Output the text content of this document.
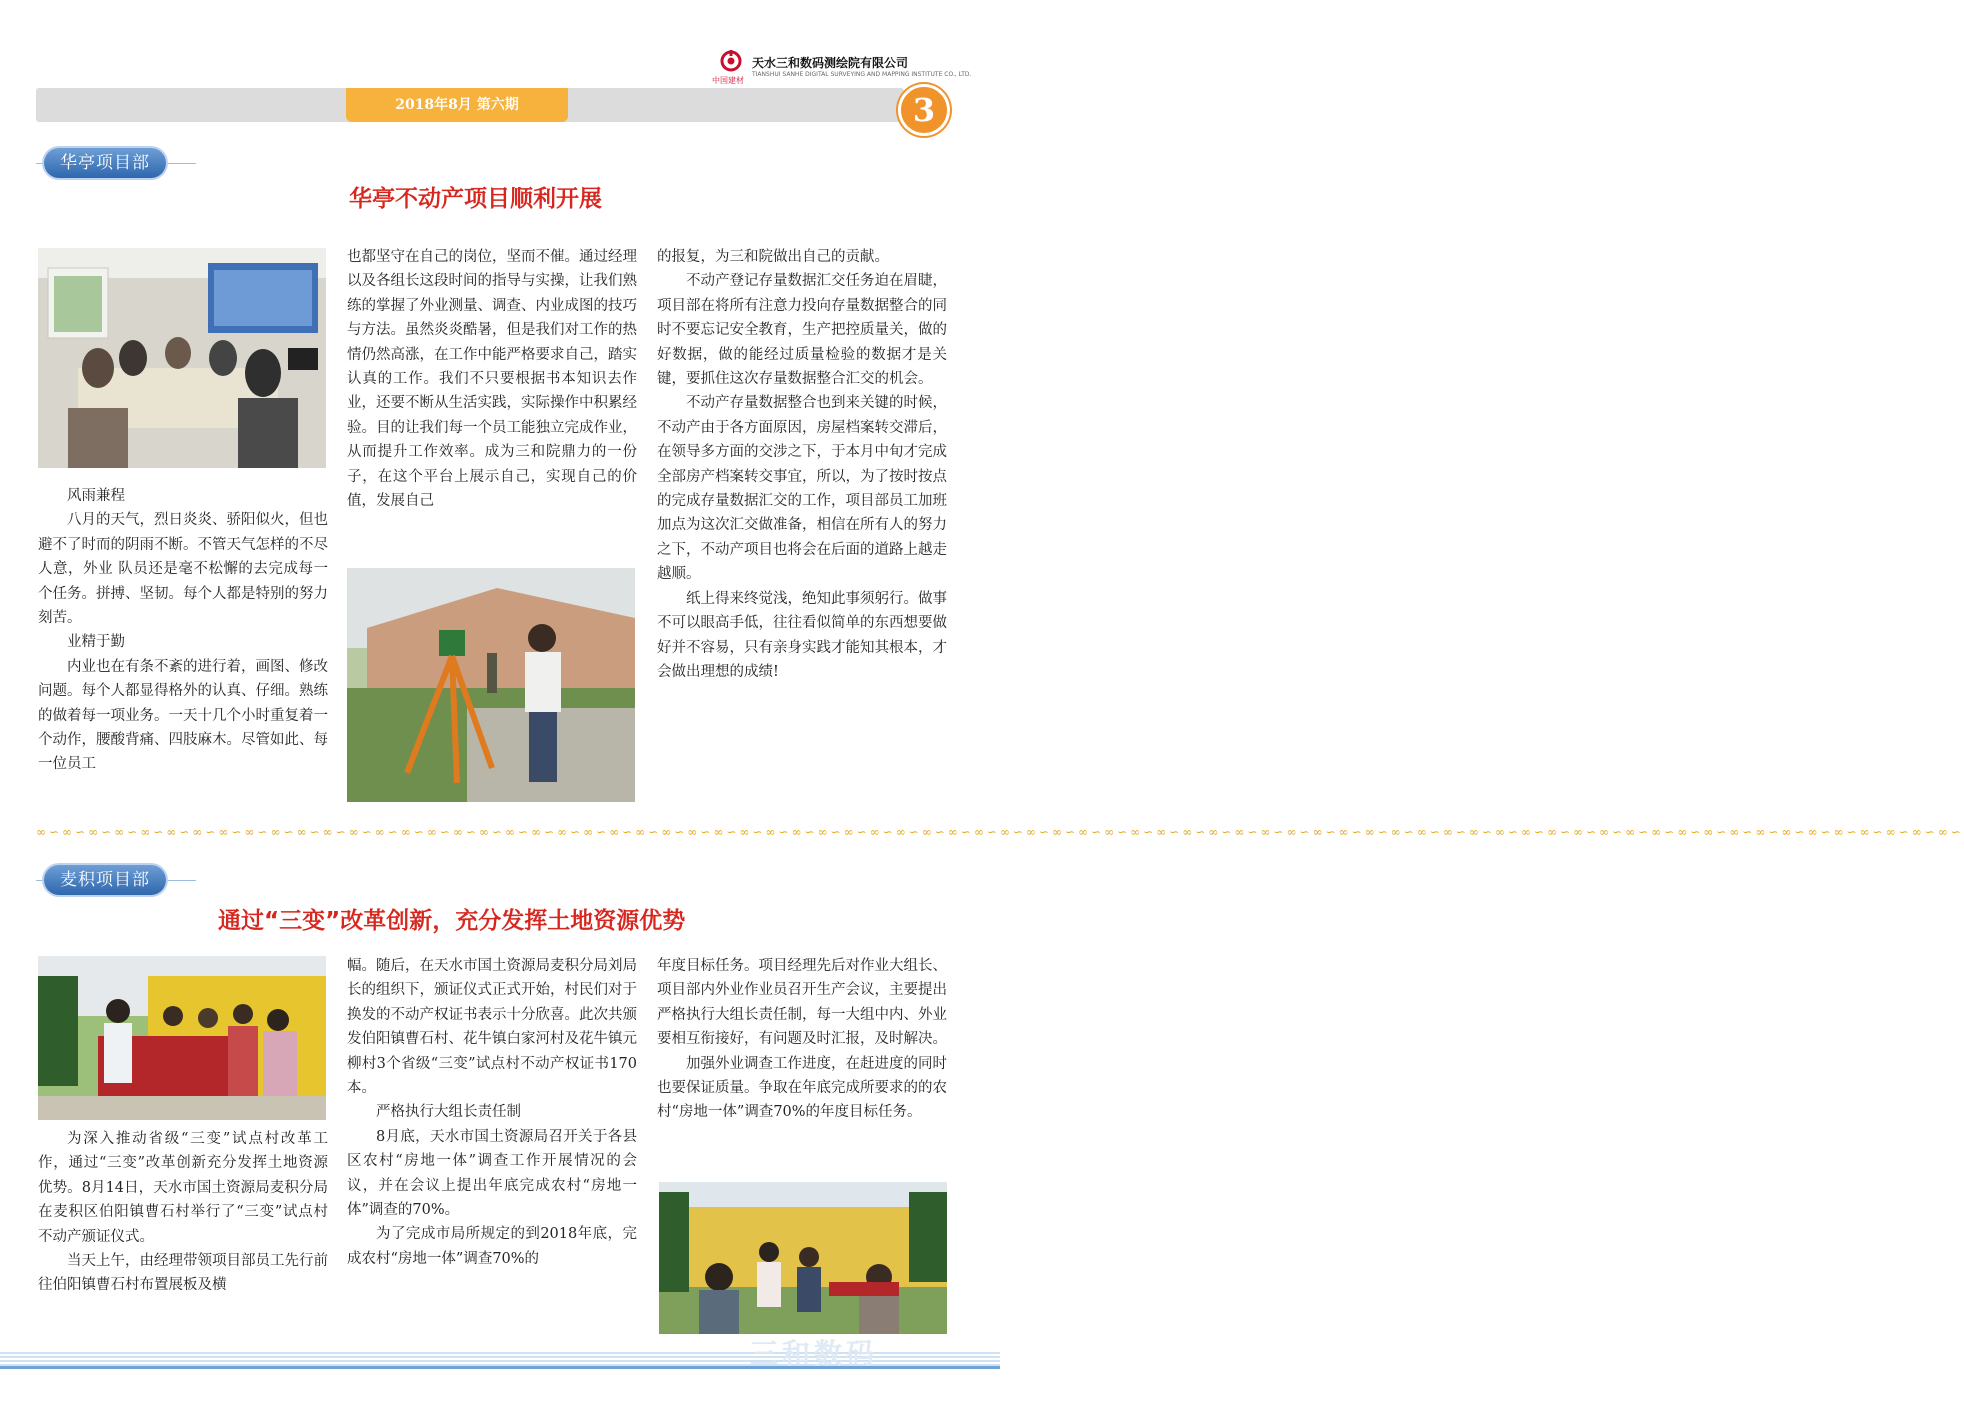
中国建材
天水三和数码测绘院有限公司
TIANSHUI SANHE DIGITAL SURVEYING AND MAPPING INSTITUTE CO., LTD.
2018年8月 第六期	3
华亭项目部
华亭不动产项目顺利开展

风雨兼程

八月的天气，烈日炎炎、骄阳似火，但也避不了时而的阴雨不断。不管天气怎样的不尽人意，外业 队员还是毫不松懈的去完成每一个任务。拼搏、坚韧。每个人都是特别的努力刻苦。

业精于勤

内业也在有条不紊的进行着，画图、修改问题。每个人都显得格外的认真、仔细。熟练的做着每一项业务。一天十几个小时重复着一个动作，腰酸背痛、四肢麻木。尽管如此、每一位员工

也都坚守在自己的岗位，坚而不催。通过经理以及各组长这段时间的指导与实操，让我们熟练的掌握了外业测量、调查、内业成图的技巧与方法。虽然炎炎酷暑，但是我们对工作的热情仍然高涨，在工作中能严格要求自己，踏实认真的工作。我们不只要根据书本知识去作业，还要不断从生活实践，实际操作中积累经验。目的让我们每一个员工能独立完成作业，从而提升工作效率。成为三和院鼎力的一份子，在这个平台上展示自己，实现自己的价值，发展自己

的报复，为三和院做出自己的贡献。

不动产登记存量数据汇交任务迫在眉睫，项目部在将所有注意力投向存量数据整合的同时不要忘记安全教育，生产把控质量关，做的好数据，做的能经过质量检验的数据才是关键，要抓住这次存量数据整合汇交的机会。

不动产存量数据整合也到来关键的时候，不动产由于各方面原因，房屋档案转交滞后，在领导多方面的交涉之下，于本月中旬才完成全部房产档案转交事宜，所以，为了按时按点的完成存量数据汇交的工作，项目部员工加班加点为这次汇交做准备，相信在所有人的努力之下，不动产项目也将会在后面的道路上越走越顺。

纸上得来终觉浅，绝知此事须躬行。做事不可以眼高手低，往往看似简单的东西想要做好并不容易，只有亲身实践才能知其根本，才会做出理想的成绩!

∞∽∞∽∞∽∞∽∞∽∞∽∞∽∞∽∞∽∞∽∞∽∞∽∞∽∞∽∞∽∞∽∞∽∞∽∞∽∞∽∞∽∞∽∞∽∞∽∞∽∞∽∞∽∞∽∞∽∞∽∞∽∞∽∞∽∞∽∞∽∞∽∞∽∞∽∞∽∞∽∞∽∞∽∞∽∞∽∞∽∞∽∞∽∞∽∞∽∞∽∞∽∞∽∞∽∞∽∞∽∞∽∞∽∞∽∞∽∞∽∞∽∞∽∞∽∞∽∞∽∞∽∞∽∞∽∞∽∞∽∞∽∞∽∞∽∞∽
麦积项目部
通过“三变”改革创新，充分发挥土地资源优势

为深入推动省级“三变”试点村改革工作，通过“三变”改革创新充分发挥土地资源优势。8月14日，天水市国土资源局麦积分局在麦积区伯阳镇曹石村举行了“三变”试点村不动产颁证仪式。

当天上午，由经理带领项目部员工先行前往伯阳镇曹石村布置展板及横

幅。随后，在天水市国土资源局麦积分局刘局长的组织下，颁证仪式正式开始，村民们对于换发的不动产权证书表示十分欣喜。此次共颁发伯阳镇曹石村、花牛镇白家河村及花牛镇元柳村3个省级“三变”试点村不动产权证书170本。

严格执行大组长责任制

8月底，天水市国土资源局召开关于各县区农村“房地一体”调查工作开展情况的会议，并在会议上提出年底完成农村“房地一体”调查的70%。

为了完成市局所规定的到2018年底，完成农村“房地一体”调查70%的

年度目标任务。项目经理先后对作业大组长、项目部内外业作业员召开生产会议，主要提出严格执行大组长责任制，每一大组中内、外业要相互衔接好，有问题及时汇报，及时解决。

加强外业调查工作进度，在赶进度的同时也要保证质量。争取在年底完成所要求的的农村“房地一体”调查70%的年度目标任务。

三和数码
